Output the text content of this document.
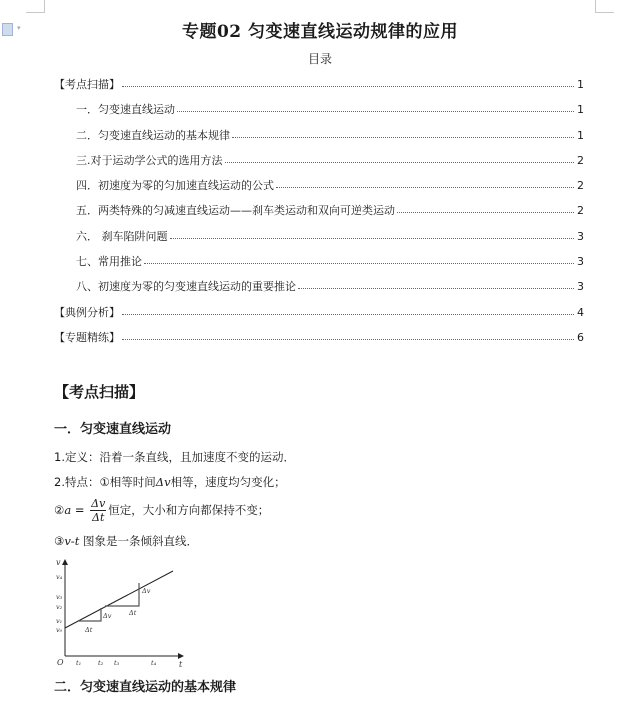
▾	专题02 匀变速直线运动规律的应用
目录
【考点扫描】	1
一．匀变速直线运动	1
二．匀变速直线运动的基本规律	1
三.对于运动学公式的选用方法	2
四．初速度为零的匀加速直线运动的公式	2
五．两类特殊的匀减速直线运动——刹车类运动和双向可逆类运动	2
六． 刹车陷阱问题	3
七、常用推论	3
八、初速度为零的匀变速直线运动的重要推论	3
【典例分析】	4
【专题精练】	6
【考点扫描】
一．匀变速直线运动
1.定义：沿着一条直线，且加速度不变的运动．
2.特点：①相等时间Δv相等，速度均匀变化；
②a = $\frac{\Delta v}{\Delta t}$ 恒定，大小和方向都保持不变；
③v-t 图象是一条倾斜直线．
v
t
O
v₄
v₃
v₂
v₁
v₀
t₁	t₂ t₃	t₄
Δv
Δt
Δv
Δt
二．匀变速直线运动的基本规律
